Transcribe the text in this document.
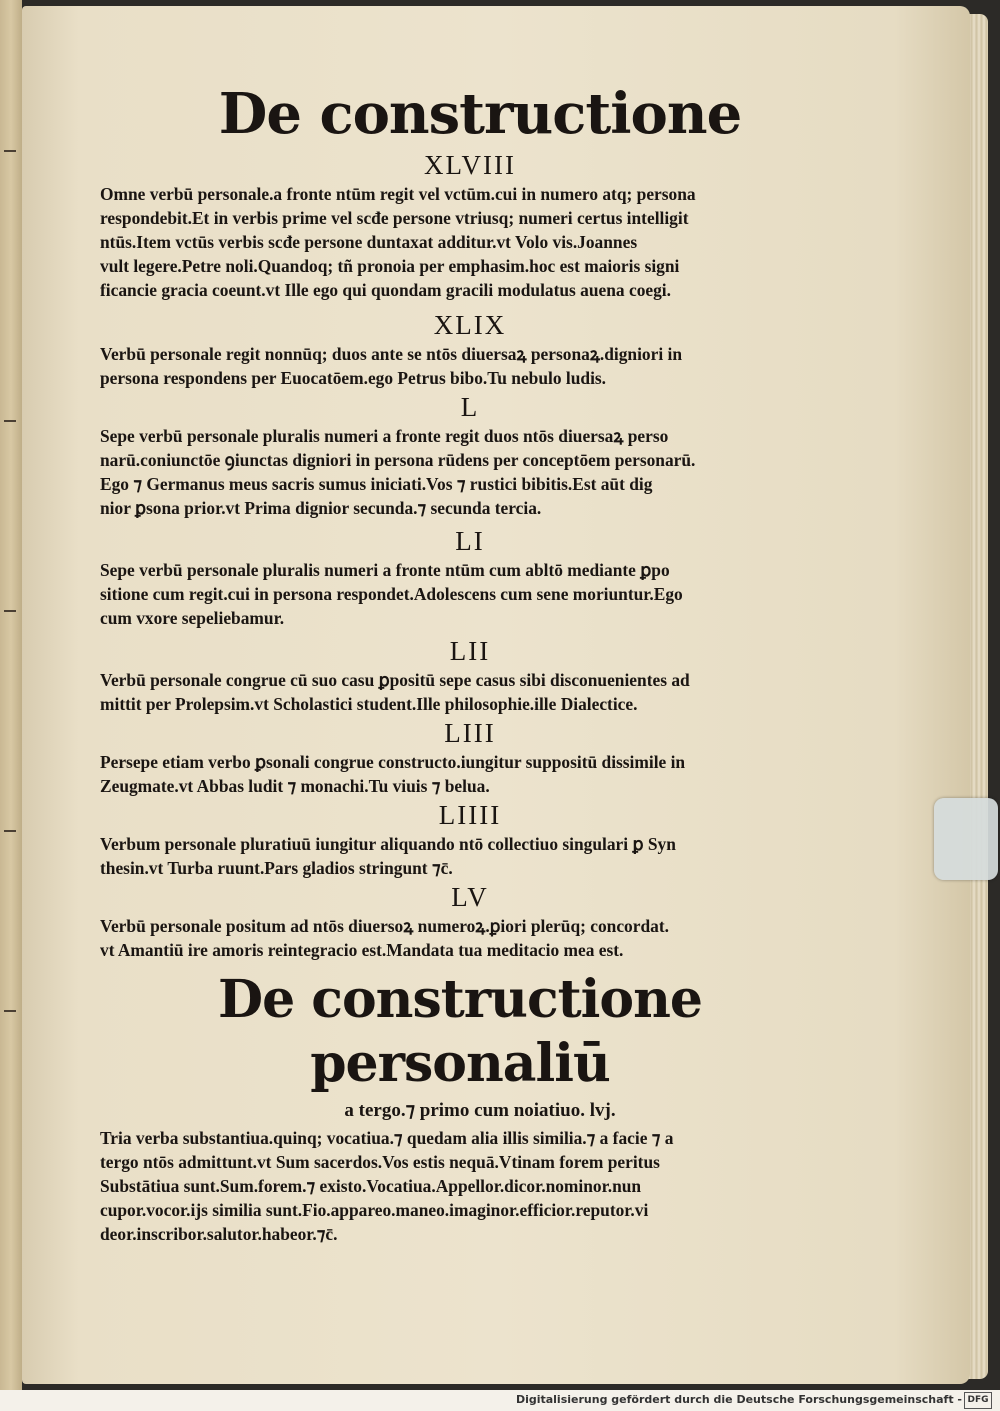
De constructione
XLVIII

Omne verbū personale.a fronte ntūm regit vel vctūm.cui in numero atq; persona
respondebit.Et in verbis prime vel scđe persone vtriusq; numeri certus intelligit
ntūs.Item vctūs verbis scđe persone duntaxat additur.vt Volo vis.Joannes
vult legere.Petre noli.Quandoq; tñ pronoia per emphasim.hoc est maioris signi
ficancie gracia coeunt.vt Ille ego qui quondam gracili modulatus auena coegi.

XLIX

Verbū personale regit nonnūq; duos ante se ntōs diuersaꝝ personaꝝ.digniori in
persona respondens per Euocatōem.ego Petrus bibo.Tu nebulo ludis.

L

Sepe verbū personale pluralis numeri a fronte regit duos ntōs diuersaꝝ perso
narū.coniunctōe ꝯiunctas digniori in persona rūdens per conceptōem personarū.
Ego ⁊ Germanus meus sacris sumus iniciati.Vos ⁊ rustici bibitis.Est aūt dig
nior ꝑsona prior.vt Prima dignior secunda.⁊ secunda tercia.

LI

Sepe verbū personale pluralis numeri a fronte ntūm cum abltō mediante ꝑpo
sitione cum regit.cui in persona respondet.Adolescens cum sene moriuntur.Ego
cum vxore sepeliebamur.

LII

Verbū personale congrue cū suo casu ꝑpositū sepe casus sibi disconuenientes ad
mittit per Prolepsim.vt Scholastici student.Ille philosophie.ille Dialectice.

LIII

Persepe etiam verbo ꝑsonali congrue constructo.iungitur suppositū dissimile in
Zeugmate.vt Abbas ludit ⁊ monachi.Tu viuis ⁊ belua.

LIIII

Verbum personale pluratiuū iungitur aliquando ntō collectiuo singulari ꝑ Syn
thesin.vt Turba ruunt.Pars gladios stringunt ⁊c̄.

LV

Verbū personale positum ad ntōs diuersoꝝ numeroꝝ.ꝑiori plerūq; concordat.
vt Amantiū ire amoris reintegracio est.Mandata tua meditacio mea est.

De constructione personaliū
a tergo.⁊ primo cum noiatiuo. lvj.

Tria verba substantiua.quinq; vocatiua.⁊ quedam alia illis similia.⁊ a facie ⁊ a
tergo ntōs admittunt.vt Sum sacerdos.Vos estis nequā.Vtinam forem peritus
Substātiua sunt.Sum.forem.⁊ existo.Vocatiua.Appellor.dicor.nominor.nun
cupor.vocor.ijs similia sunt.Fio.appareo.maneo.imaginor.efficior.reputor.vi
deor.inscribor.salutor.habeor.⁊c̄.

Digitalisierung gefördert durch die Deutsche Forschungsgemeinschaft - DFG
